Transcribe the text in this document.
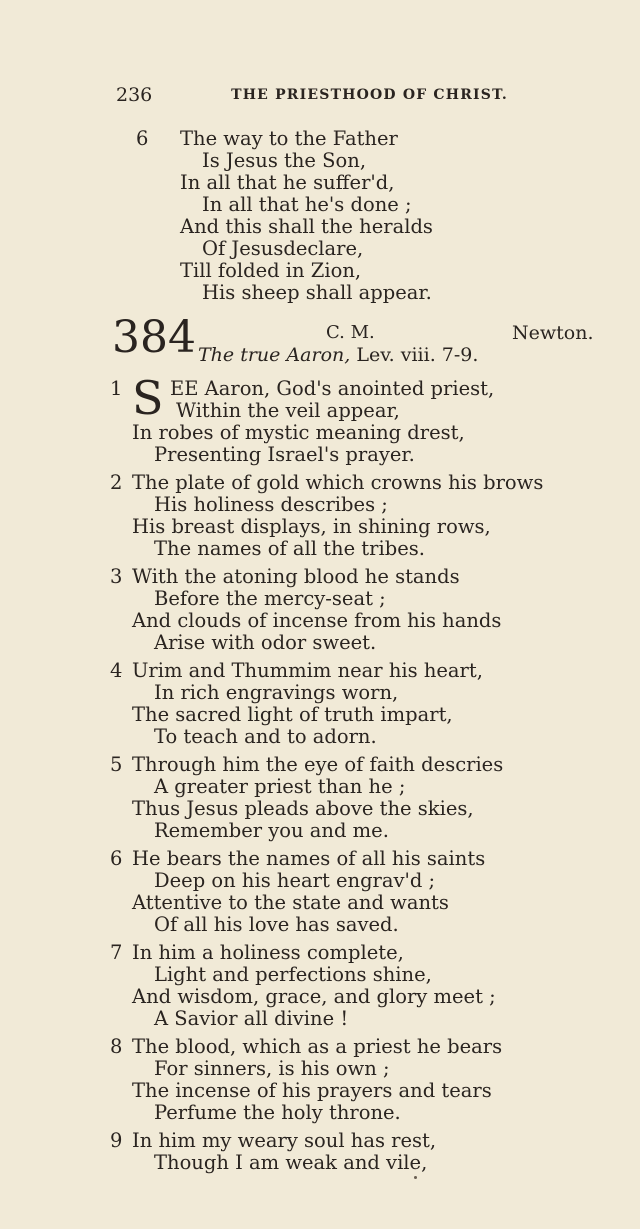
236	THE PRIESTHOOD OF CHRIST.
6 The way to the Father
Is Jesus the Son,
In all that he suffer'd,
In all that he's done ;
And this shall the heralds
Of Jesusdeclare,
Till folded in Zion,
His sheep shall appear.
384	C. M.	Newton.
The true Aaron, Lev. viii. 7-9.
1 S EE Aaron, God's anointed priest,
Within the veil appear,
In robes of mystic meaning drest,
Presenting Israel's prayer.
2 The plate of gold which crowns his brows
His holiness describes ;
His breast displays, in shining rows,
The names of all the tribes.
3 With the atoning blood he stands
Before the mercy-seat ;
And clouds of incense from his hands
Arise with odor sweet.
4 Urim and Thummim near his heart,
In rich engravings worn,
The sacred light of truth impart,
To teach and to adorn.
5 Through him the eye of faith descries
A greater priest than he ;
Thus Jesus pleads above the skies,
Remember you and me.
6 He bears the names of all his saints
Deep on his heart engrav'd ;
Attentive to the state and wants
Of all his love has saved.
7 In him a holiness complete,
Light and perfections shine,
And wisdom, grace, and glory meet ;
A Savior all divine !
8 The blood, which as a priest he bears
For sinners, is his own ;
The incense of his prayers and tears
Perfume the holy throne.
9 In him my weary soul has rest,
Though I am weak and vile,
